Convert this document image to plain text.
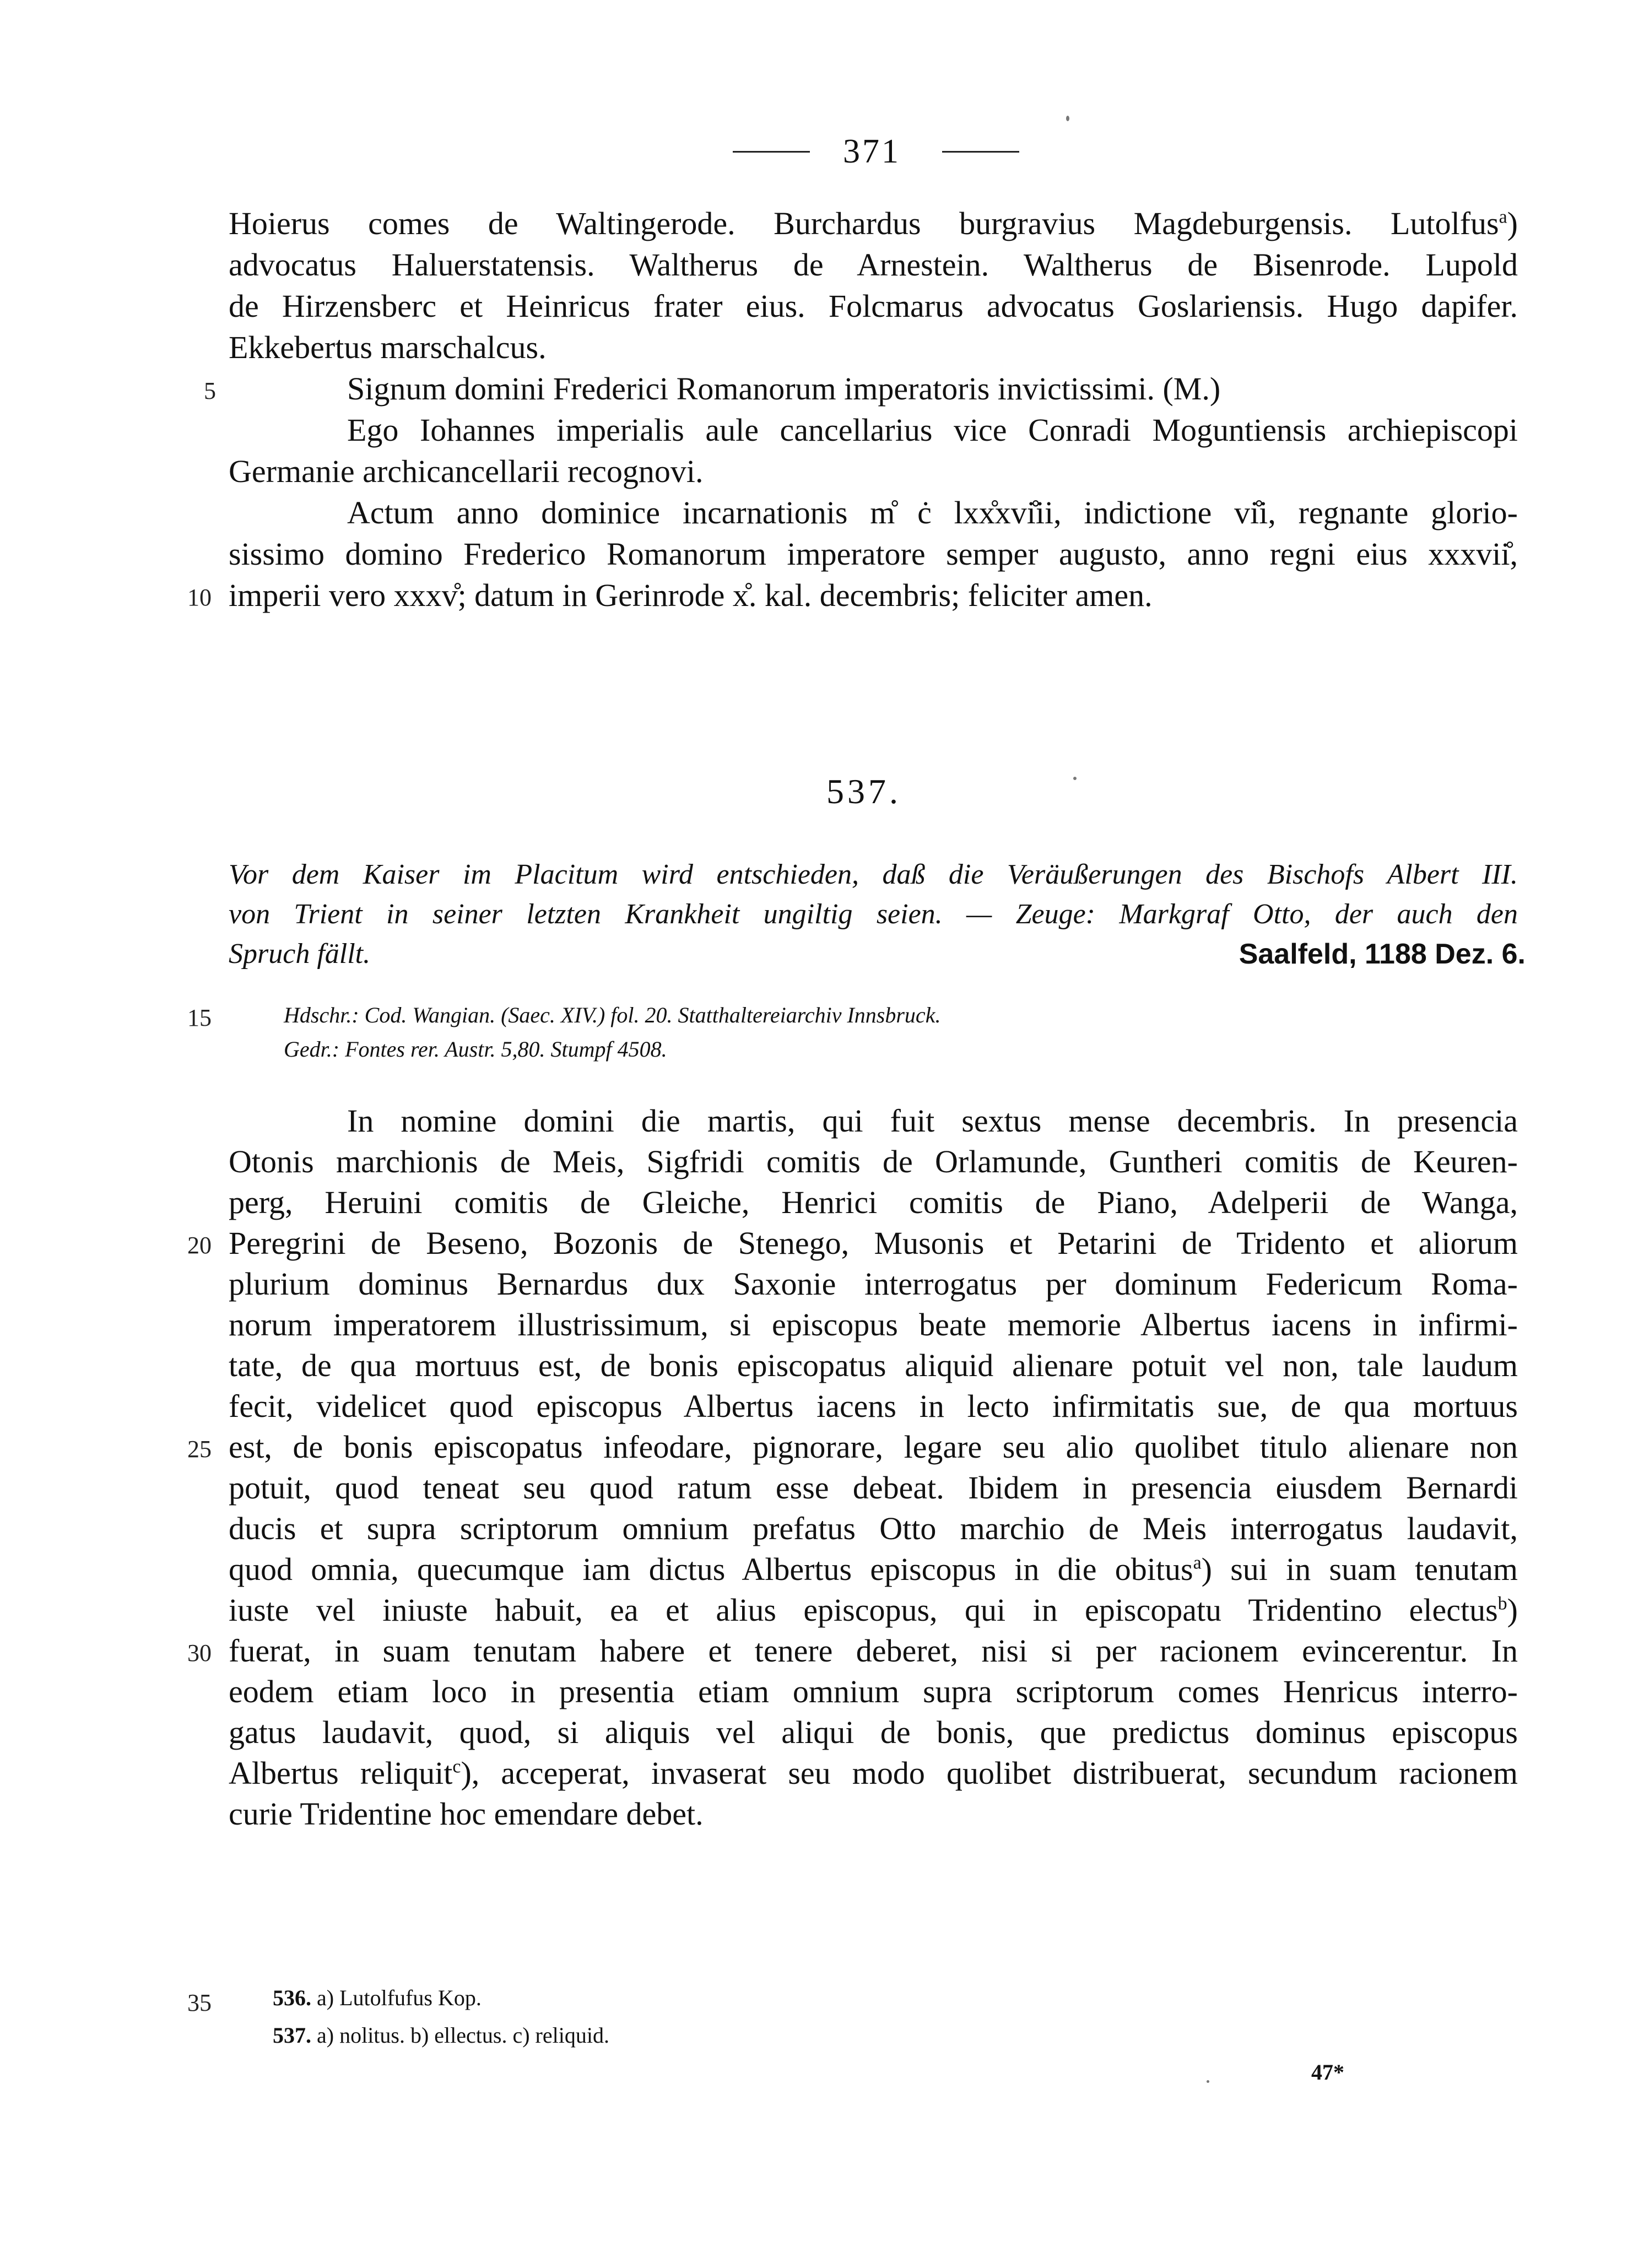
371
Hoierus comes de Waltingerode. Burchardus burgravius Magdeburgensis. Lutolfus$^a$)
advocatus Haluerstatensis. Waltherus de Arnestein. Waltherus de Bisenrode. Lupold
de Hirzensberc et Heinricus frater eius. Folcmarus advocatus Goslariensis. Hugo dapifer.
Ekkebertus marschalcus.
5	Signum domini Frederici Romanorum imperatoris invictissimi. (M.)
Ego Iohannes imperialis aule cancellarius vice Conradi Moguntiensis archiepiscopi
Germanie archicancellarii recognovi.
Actum anno dominice incarnationis m̊ ċ lxx̊xvi̊ii, indictione vi̊i, regnante glorio-
sissimo domino Frederico Romanorum imperatore semper augusto, anno regni eius xxxvii̊,
10 imperii vero xxxv̊; datum in Gerinrode x̊. kal. decembris; feliciter amen.
537.
Vor dem Kaiser im Placitum wird entschieden, daß die Veräußerungen des Bischofs Albert III.
von Trient in seiner letzten Krankheit ungiltig seien. — Zeuge: Markgraf Otto, der auch den
Spruch fällt.	Saalfeld, 1188 Dez. 6.
15	Hdschr.: Cod. Wangian. (Saec. XIV.) fol. 20. Statthaltereiarchiv Innsbruck.
Gedr.: Fontes rer. Austr. 5,80. Stumpf 4508.
In nomine domini die martis, qui fuit sextus mense decembris. In presencia
Otonis marchionis de Meis, Sigfridi comitis de Orlamunde, Guntheri comitis de Keuren-
perg, Heruini comitis de Gleiche, Henrici comitis de Piano, Adelperii de Wanga,
20 Peregrini de Beseno, Bozonis de Stenego, Musonis et Petarini de Tridento et aliorum
plurium dominus Bernardus dux Saxonie interrogatus per dominum Federicum Roma-
norum imperatorem illustrissimum, si episcopus beate memorie Albertus iacens in infirmi-
tate, de qua mortuus est, de bonis episcopatus aliquid alienare potuit vel non, tale laudum
fecit, videlicet quod episcopus Albertus iacens in lecto infirmitatis sue, de qua mortuus
25 est, de bonis episcopatus infeodare, pignorare, legare seu alio quolibet titulo alienare non
potuit, quod teneat seu quod ratum esse debeat. Ibidem in presencia eiusdem Bernardi
ducis et supra scriptorum omnium prefatus Otto marchio de Meis interrogatus laudavit,
quod omnia, quecumque iam dictus Albertus episcopus in die obitus$^a$) sui in suam tenutam
iuste vel iniuste habuit, ea et alius episcopus, qui in episcopatu Tridentino electus$^b$)
30 fuerat, in suam tenutam habere et tenere deberet, nisi si per racionem evincerentur. In
eodem etiam loco in presentia etiam omnium supra scriptorum comes Henricus interro-
gatus laudavit, quod, si aliquis vel aliqui de bonis, que predictus dominus episcopus
Albertus reliquit$^c$), acceperat, invaserat seu modo quolibet distribuerat, secundum racionem
curie Tridentine hoc emendare debet.
35	536. a) Lutolfufus Kop.
537. a) nolitus. b) ellectus. c) reliquid.
47*
